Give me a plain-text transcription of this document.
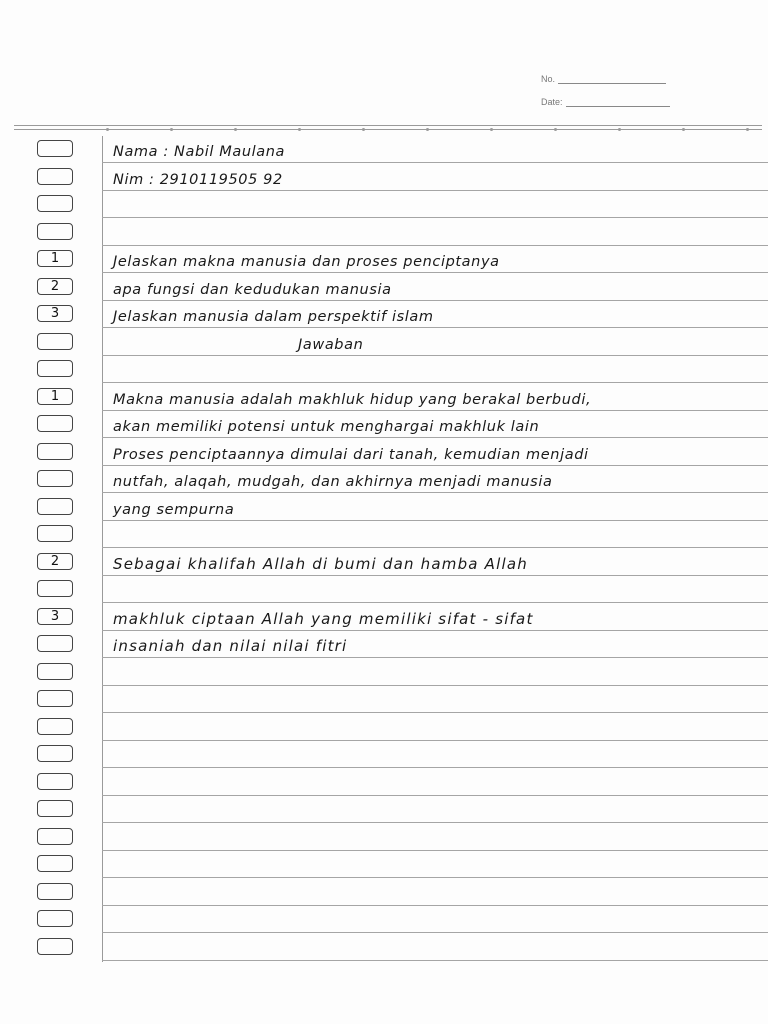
No.
Date:
Nama : Nabil Maulana
Nim : 2910119505 92
1	Jelaskan makna manusia dan proses penciptanya
2	apa fungsi dan kedudukan manusia
3	Jelaskan manusia dalam perspektif islam
Jawaban
1	Makna manusia adalah makhluk hidup yang berakal berbudi,
akan memiliki potensi untuk menghargai makhluk lain
Proses penciptaannya dimulai dari tanah, kemudian menjadi
nutfah, alaqah, mudgah, dan akhirnya menjadi manusia
yang sempurna
2	Sebagai khalifah Allah di bumi dan hamba Allah
3	makhluk ciptaan Allah yang memiliki sifat - sifat
insaniah dan nilai nilai fitri
